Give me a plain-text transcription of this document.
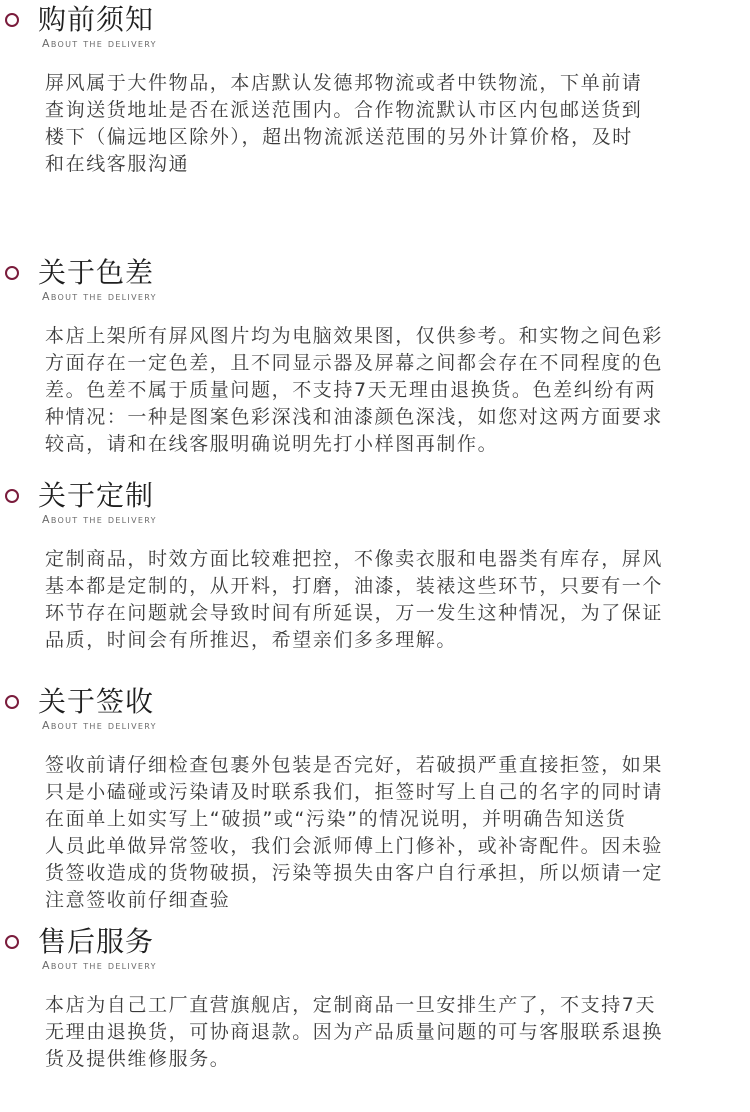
购前须知
About the delivery
屏风属于大件物品，本店默认发德邦物流或者中铁物流，下单前请
查询送货地址是否在派送范围内。合作物流默认市区内包邮送货到
楼下（偏远地区除外），超出物流派送范围的另外计算价格，及时
和在线客服沟通
关于色差
About the delivery
本店上架所有屏风图片均为电脑效果图，仅供参考。和实物之间色彩
方面存在一定色差，且不同显示器及屏幕之间都会存在不同程度的色
差。色差不属于质量问题，不支持7天无理由退换货。色差纠纷有两
种情况：一种是图案色彩深浅和油漆颜色深浅，如您对这两方面要求
较高，请和在线客服明确说明先打小样图再制作。
关于定制
About the delivery
定制商品，时效方面比较难把控，不像卖衣服和电器类有库存，屏风
基本都是定制的，从开料，打磨，油漆，装裱这些环节，只要有一个
环节存在问题就会导致时间有所延误，万一发生这种情况，为了保证
品质，时间会有所推迟，希望亲们多多理解。
关于签收
About the delivery
签收前请仔细检查包裹外包装是否完好，若破损严重直接拒签，如果
只是小磕碰或污染请及时联系我们，拒签时写上自己的名字的同时请
在面单上如实写上“破损”或“污染”的情况说明，并明确告知送货
人员此单做异常签收，我们会派师傅上门修补，或补寄配件。因未验
货签收造成的货物破损，污染等损失由客户自行承担，所以烦请一定
注意签收前仔细查验
售后服务
About the delivery
本店为自己工厂直营旗舰店，定制商品一旦安排生产了，不支持7天
无理由退换货，可协商退款。因为产品质量问题的可与客服联系退换
货及提供维修服务。
